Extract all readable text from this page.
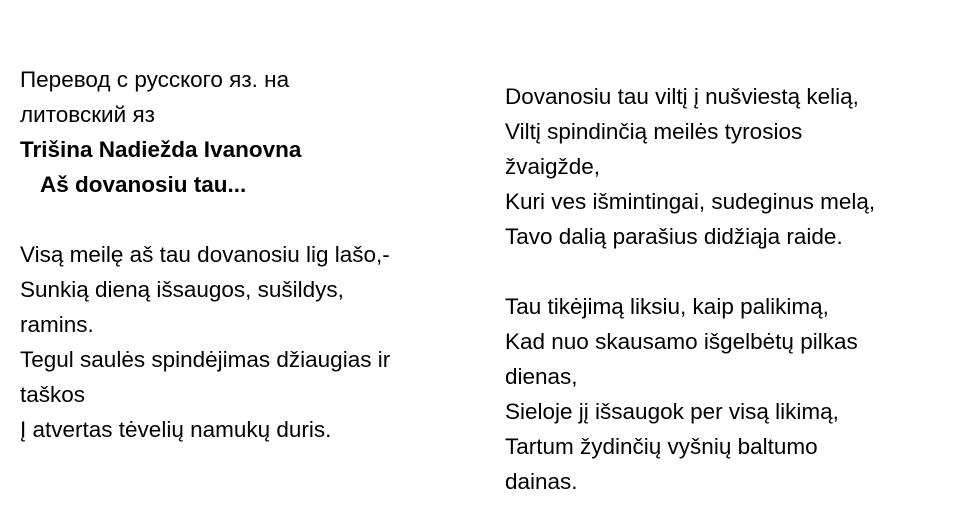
Перевод с русского яз. на
литовский яз
Trišina Nadiežda Ivanovna
Aš dovanosiu tau...

Visą meilę aš tau dovanosiu lig lašo,-
Sunkią dieną išsaugos, sušildys,
ramins.
Tegul saulės spindėjimas džiaugias ir
taškos
Į atvertas tėvelių namukų duris.
Dovanosiu tau viltį į nušviestą kelią,
Viltį spindinčią meilės tyrosios
žvaigžde,
Kuri ves išmintingai, sudeginus melą,
Tavo dalią parašius didžiąja raide.

Tau tikėjimą liksiu, kaip palikimą,
Kad nuo skausamo išgelbėtų pilkas
dienas,
Sieloje jį išsaugok per visą likimą,
Tartum žydinčių vyšnių baltumo
dainas.
